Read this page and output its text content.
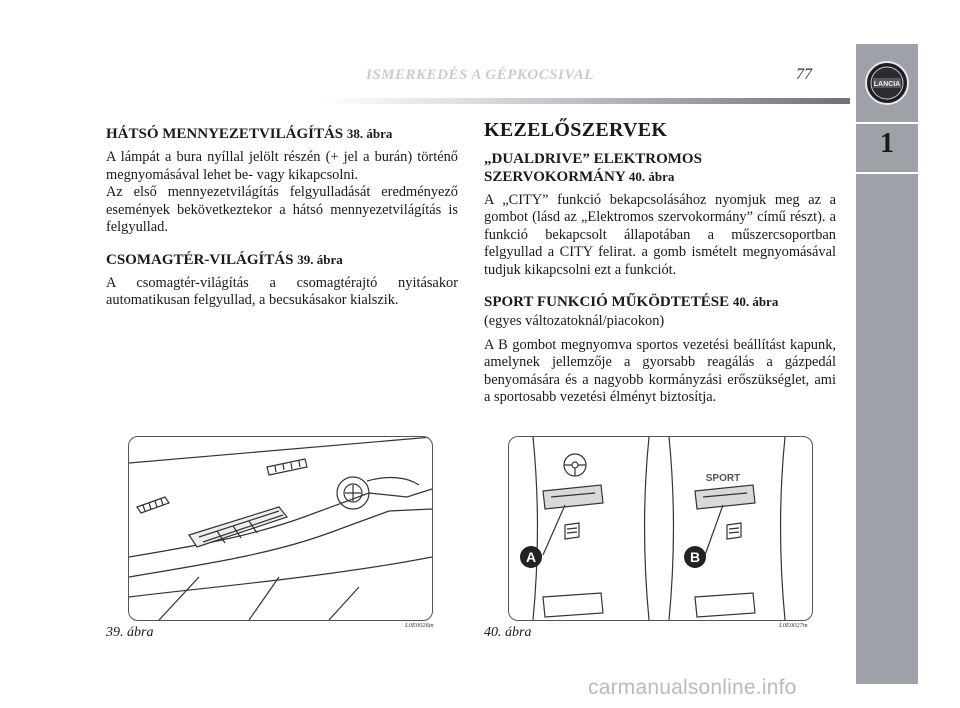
ISMERKEDÉS A GÉPKOCSIVAL	77
LANCIA
1
HÁTSÓ MENNYEZETVILÁGÍTÁS 38. ábra

A lámpát a bura nyíllal jelölt részén (+ jel a burán) történő megnyomásával lehet be- vagy kikapcsolni.

Az első mennyezetvilágítás felgyulladását eredményező események bekövetkeztekor a hátsó mennyezetvilágítás is felgyullad.

CSOMAGTÉR-VILÁGÍTÁS 39. ábra

A csomagtér-világítás a csomagtérajtó nyitásakor automatikusan felgyullad, a becsukásakor kialszik.

KEZELŐSZERVEK
„DUALDRIVE” ELEKTROMOS
SZERVOKORMÁNY 40. ábra

A „CITY” funkció bekapcsolásához nyomjuk meg az a gombot (lásd az „Elektromos szervokormány” című részt). a funkció bekapcsolt állapotában a műszercsoportban felgyullad a CITY felirat. a gomb ismételt megnyomásával tudjuk kikapcsolni ezt a funkciót.

SPORT FUNKCIÓ MŰKÖDTETÉSE 40. ábra

(egyes változatoknál/piacokon)

A B gombot megnyomva sportos vezetési beállítást kapunk, amelynek jellemzője a gyorsabb reagálás a gázpedál benyomására és a nagyobb kormányzási erőszükséglet, ami a sportosabb vezetési élményt biztosítja.

39. ábra	L0E0026m
SPORT
A	B
40. ábra	L0E0027m
carmanualsonline.info
